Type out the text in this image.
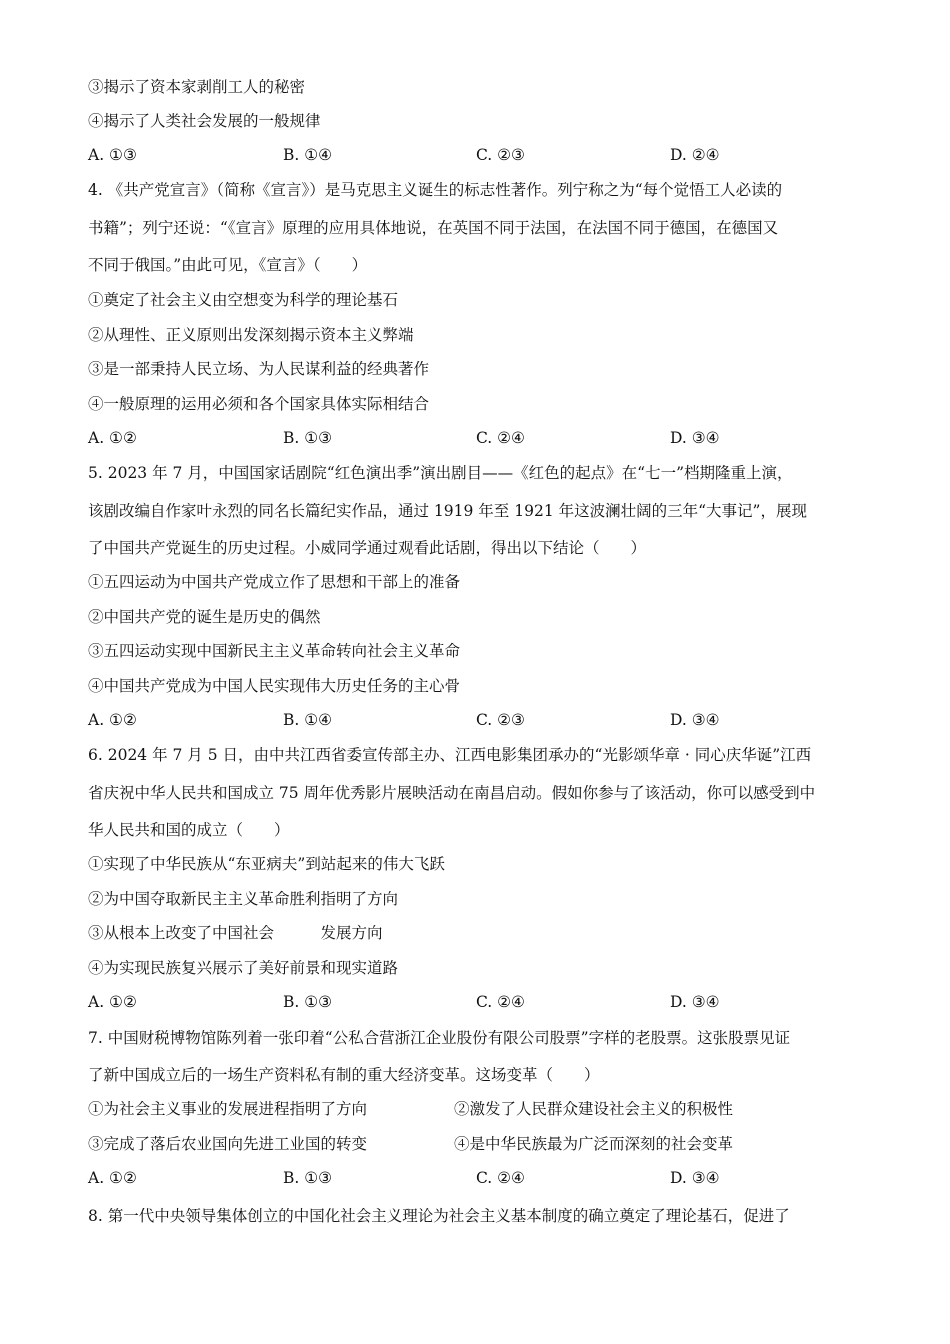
③揭示了资本家剥削工人的秘密
④揭示了人类社会发展的一般规律
A. ①③	B. ①④	C. ②③	D. ②④
4. 《共产党宣言》（简称《宣言》）是马克思主义诞生的标志性著作。列宁称之为“每个觉悟工人必读的
书籍”；列宁还说：“《宣言》原理的应用具体地说，在英国不同于法国，在法国不同于德国，在德国又
不同于俄国。”由此可见，《宣言》（　　）
①奠定了社会主义由空想变为科学的理论基石
②从理性、正义原则出发深刻揭示资本主义弊端
③是一部秉持人民立场、为人民谋利益的经典著作
④一般原理的运用必须和各个国家具体实际相结合
A. ①②	B. ①③	C. ②④	D. ③④
5. 2023 年 7 月，中国国家话剧院“红色演出季”演出剧目——《红色的起点》在“七一”档期隆重上演，
该剧改编自作家叶永烈的同名长篇纪实作品，通过 1919 年至 1921 年这波澜壮阔的三年“大事记”，展现
了中国共产党诞生的历史过程。小威同学通过观看此话剧，得出以下结论（　　）
①五四运动为中国共产党成立作了思想和干部上的准备
②中国共产党的诞生是历史的偶然
③五四运动实现中国新民主主义革命转向社会主义革命
④中国共产党成为中国人民实现伟大历史任务的主心骨
A. ①②	B. ①④	C. ②③	D. ③④
6. 2024 年 7 月 5 日，由中共江西省委宣传部主办、江西电影集团承办的“光影颂华章 · 同心庆华诞”江西
省庆祝中华人民共和国成立 75 周年优秀影片展映活动在南昌启动。假如你参与了该活动，你可以感受到中
华人民共和国的成立（　　）
①实现了中华民族从“东亚病夫”到站起来的伟大飞跃
②为中国夺取新民主主义革命胜利指明了方向
③从根本上改变了中国社会　　　发展方向
④为实现民族复兴展示了美好前景和现实道路
A. ①②	B. ①③	C. ②④	D. ③④
7. 中国财税博物馆陈列着一张印着“公私合营浙江企业股份有限公司股票”字样的老股票。这张股票见证
了新中国成立后的一场生产资料私有制的重大经济变革。这场变革（　　）
①为社会主义事业的发展进程指明了方向	②激发了人民群众建设社会主义的积极性
③完成了落后农业国向先进工业国的转变	④是中华民族最为广泛而深刻的社会变革
A. ①②	B. ①③	C. ②④	D. ③④
8. 第一代中央领导集体创立的中国化社会主义理论为社会主义基本制度的确立奠定了理论基石，促进了
